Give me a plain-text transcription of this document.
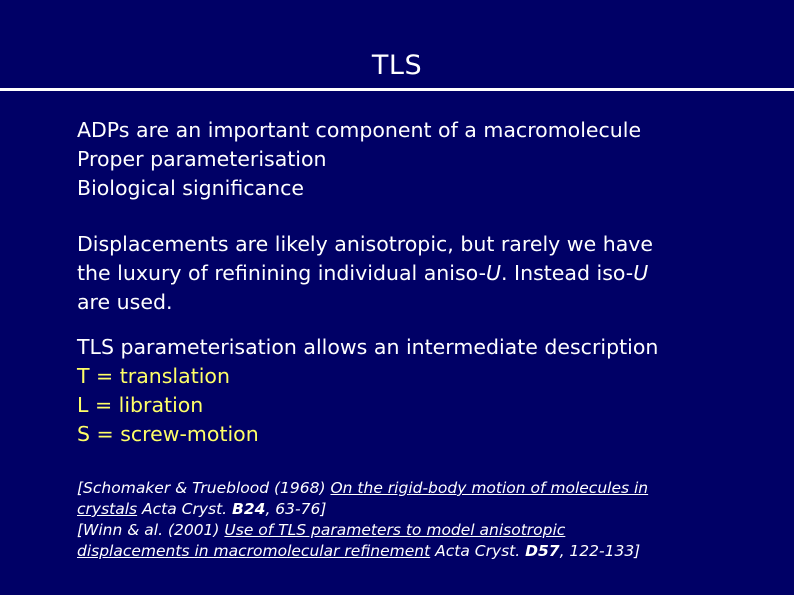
TLS
ADPs are an important component of a macromolecule
Proper parameterisation
Biological significance
Displacements are likely anisotropic, but rarely we have
the luxury of refinining individual aniso-U. Instead iso-U
are used.
TLS parameterisation allows an intermediate description
T = translation
L = libration
S = screw-motion
[Schomaker & Trueblood (1968) On the rigid-body motion of molecules in
crystals Acta Cryst. B24, 63-76]
[Winn & al. (2001) Use of TLS parameters to model anisotropic
displacements in macromolecular refinement Acta Cryst. D57, 122-133]
